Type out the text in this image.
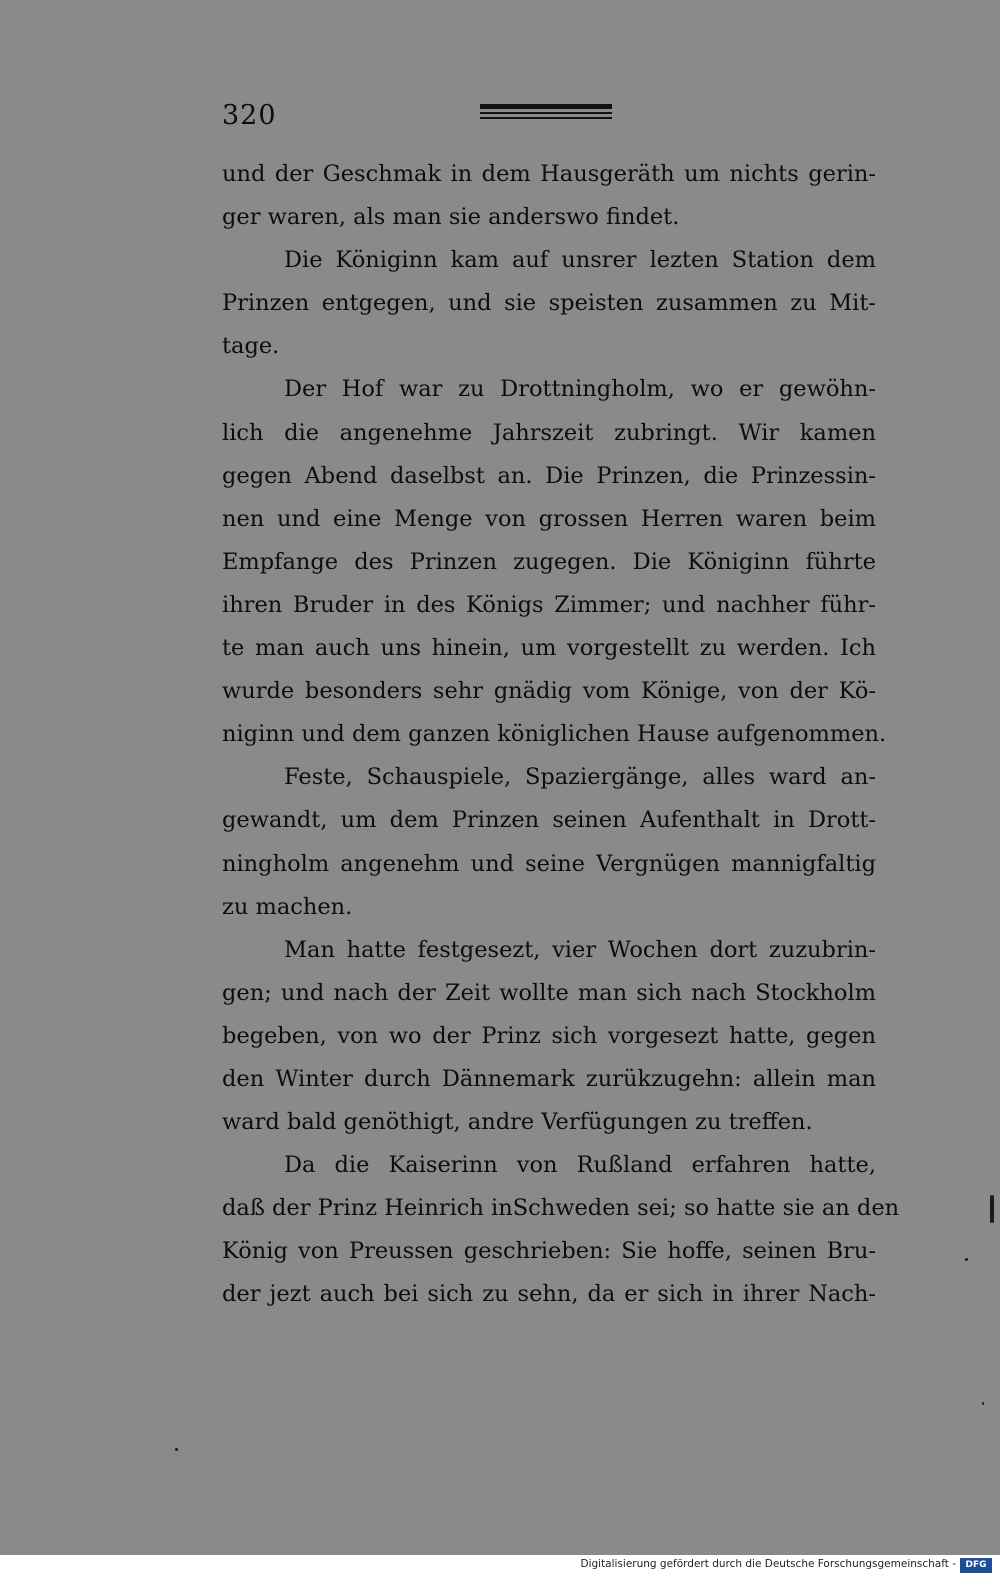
320
und der Geschmak in dem Hausgeräth um nichts gerin-
ger waren, als man sie anderswo findet.
Die Königinn kam auf unsrer lezten Station dem
Prinzen entgegen, und sie speisten zusammen zu Mit-
tage.
Der Hof war zu Drottningholm, wo er gewöhn-
lich die angenehme Jahrszeit zubringt. Wir kamen
gegen Abend daselbst an. Die Prinzen, die Prinzessin-
nen und eine Menge von grossen Herren waren beim
Empfange des Prinzen zugegen. Die Königinn führte
ihren Bruder in des Königs Zimmer; und nachher führ-
te man auch uns hinein, um vorgestellt zu werden. Ich
wurde besonders sehr gnädig vom Könige, von der Kö-
niginn und dem ganzen königlichen Hause aufgenommen.
Feste, Schauspiele, Spaziergänge, alles ward an-
gewandt, um dem Prinzen seinen Aufenthalt in Drott-
ningholm angenehm und seine Vergnügen mannigfaltig
zu machen.
Man hatte festgesezt, vier Wochen dort zuzubrin-
gen; und nach der Zeit wollte man sich nach Stockholm
begeben, von wo der Prinz sich vorgesezt hatte, gegen
den Winter durch Dännemark zurükzugehn: allein man
ward bald genöthigt, andre Verfügungen zu treffen.
Da die Kaiserinn von Rußland erfahren hatte,
daß der Prinz Heinrich inSchweden sei; so hatte sie an den
König von Preussen geschrieben: Sie hoffe, seinen Bru-
der jezt auch bei sich zu sehn, da er sich in ihrer Nach-
Digitalisierung gefördert durch die Deutsche Forschungsgemeinschaft -	DFG
